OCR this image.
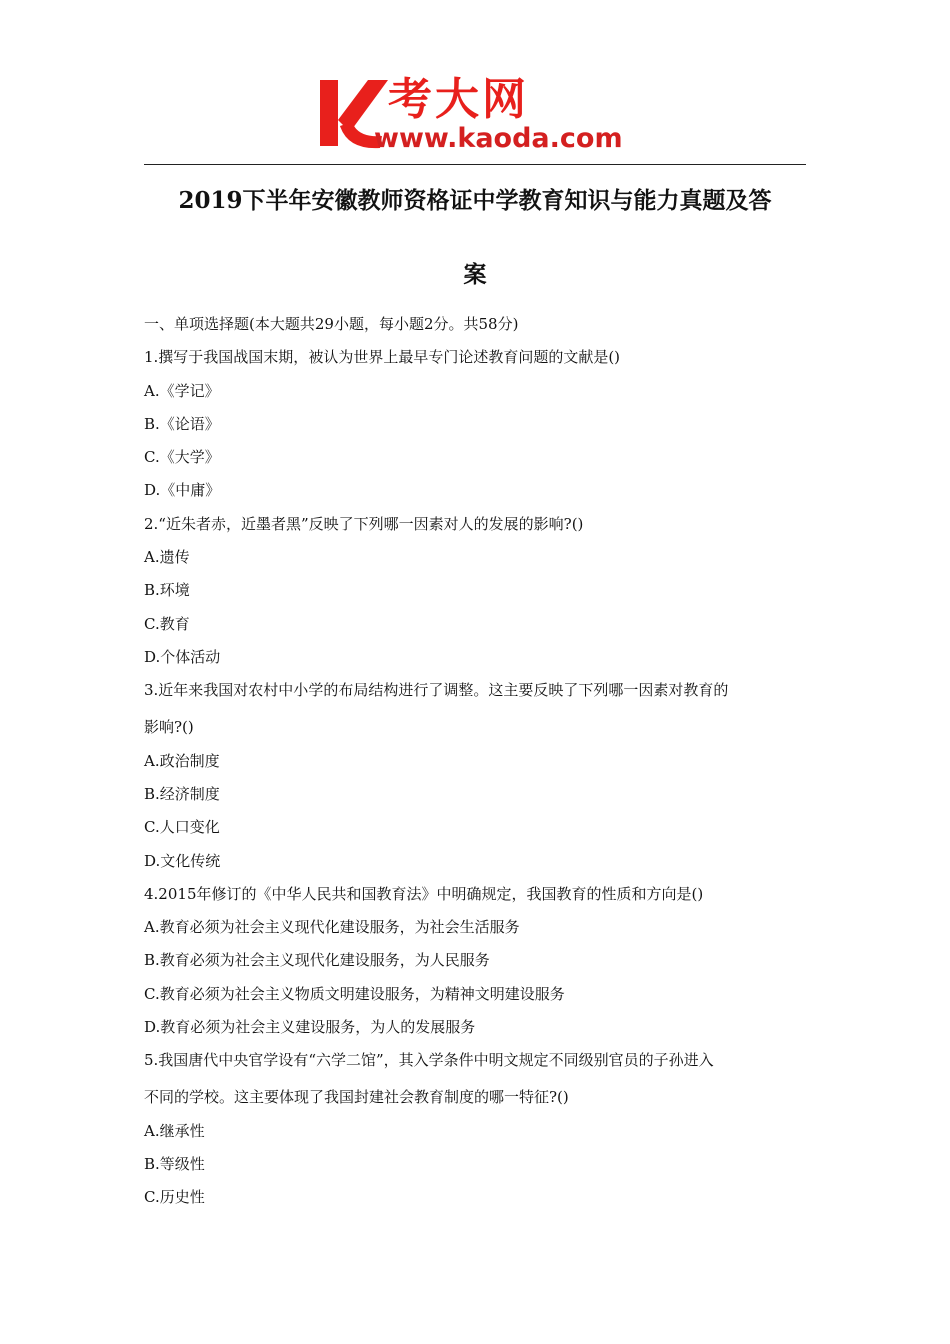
考大网
www.kaoda.com
2019下半年安徽教师资格证中学教育知识与能力真题及答
案
一、单项选择题(本大题共29小题，每小题2分。共58分)
1.撰写于我国战国末期，被认为世界上最早专门论述教育问题的文献是()
A.《学记》
B.《论语》
C.《大学》
D.《中庸》
2.“近朱者赤，近墨者黑”反映了下列哪一因素对人的发展的影响?()
A.遗传
B.环境
C.教育
D.个体活动
3.近年来我国对农村中小学的布局结构进行了调整。这主要反映了下列哪一因素对教育的
影响?()
A.政治制度
B.经济制度
C.人口变化
D.文化传统
4.2015年修订的《中华人民共和国教育法》中明确规定，我国教育的性质和方向是()
A.教育必须为社会主义现代化建设服务，为社会生活服务
B.教育必须为社会主义现代化建设服务，为人民服务
C.教育必须为社会主义物质文明建设服务，为精神文明建设服务
D.教育必须为社会主义建设服务，为人的发展服务
5.我国唐代中央官学设有“六学二馆”，其入学条件中明文规定不同级别官员的子孙进入
不同的学校。这主要体现了我国封建社会教育制度的哪一特征?()
A.继承性
B.等级性
C.历史性
